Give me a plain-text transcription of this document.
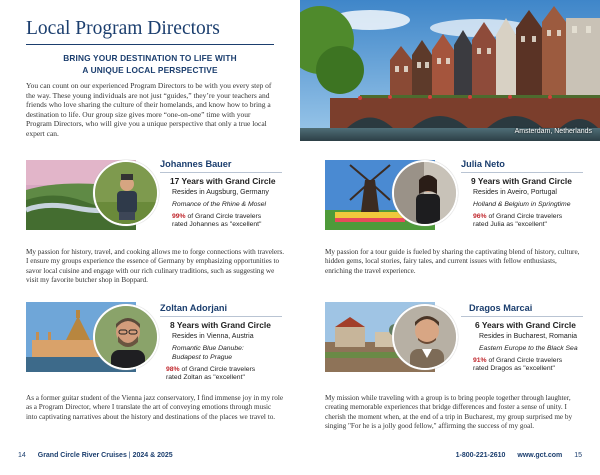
Local Program Directors
BRING YOUR DESTINATION TO LIFE WITH
A UNIQUE LOCAL PERSPECTIVE
You can count on our experienced Program Directors to be with you every step of the way. These young individuals are not just “guides,” they’re your teachers and friends who love sharing the culture of their homelands, and know how to bring a destination to life. Our group size gives more “one-on-one” time with your Program Directors, who will give you a unique perspective that only a true local expert can.	Amsterdam, Netherlands
Johannes Bauer
17 Years with Grand Circle
Resides in Augsburg, Germany
Romance of the Rhine & Mosel
99% of Grand Circle travelers
rated Johannes as "excellent"
My passion for history, travel, and cooking allows me to forge connections with travelers. I ensure my groups experience the essence of Germany by emphasizing opportunities to savor local cuisine and engage with our rich culinary traditions, such as suggesting we visit my favorite butcher shop in Boppard.
Julia Neto
9 Years with Grand Circle
Resides in Aveiro, Portugal
Holland & Belgium in Springtime
96% of Grand Circle travelers
rated Julia as "excellent"
My passion for a tour guide is fueled by sharing the captivating blend of history, culture, hidden gems, local stories, fairy tales, and current issues with fellow enthusiasts, enriching the travel experience.
Zoltan Adorjani
8 Years with Grand Circle
Resides in Vienna, Austria
Romantic Blue Danube: Budapest to Prague
98% of Grand Circle travelers
rated Zoltan as "excellent"
As a former guitar student of the Vienna jazz conservatory, I find immense joy in my role as a Program Director, where I translate the art of conveying emotions through music into captivating narratives about the history and destinations of the places we travel to.
Dragos Marcai
6 Years with Grand Circle
Resides in Bucharest, Romania
Eastern Europe to the Black Sea
91% of Grand Circle travelers
rated Dragos as "excellent"
My mission while traveling with a group is to bring people together through laughter, creating memorable experiences that bridge differences and foster a sense of unity. I cherish the moment when, at the end of a trip in Bucharest, my group surprised me by singing "For he is a jolly good fellow," affirming the success of my goal.
14 Grand Circle River Cruises | 2024 & 2025	1-800-221-2610 www.gct.com 15
